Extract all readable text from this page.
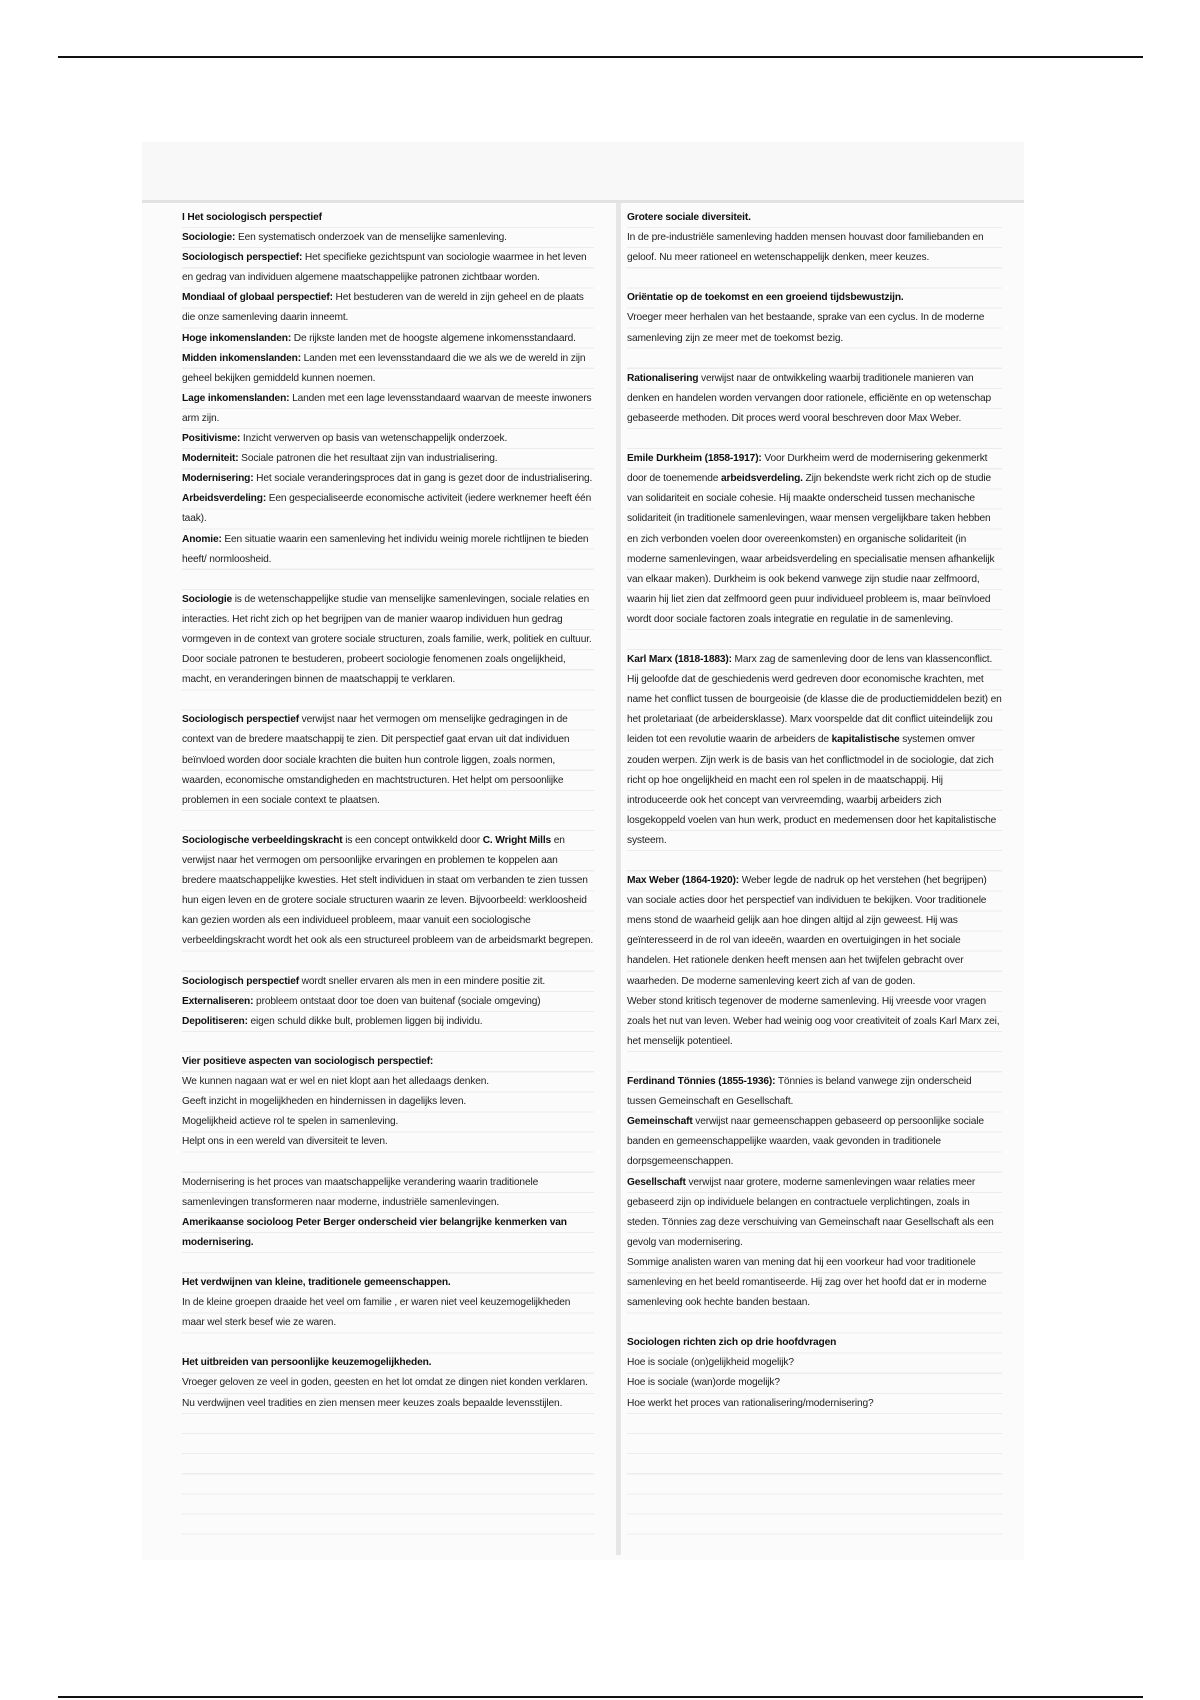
I Het sociologisch perspectief

Sociologie: Een systematisch onderzoek van de menselijke samenleving.

Sociologisch perspectief: Het specifieke gezichtspunt van sociologie waarmee in het leven en gedrag van individuen algemene maatschappelijke patronen zichtbaar worden.

Mondiaal of globaal perspectief: Het bestuderen van de wereld in zijn geheel en de plaats die onze samenleving daarin inneemt.

Hoge inkomenslanden: De rijkste landen met de hoogste algemene inkomensstandaard.

Midden inkomenslanden: Landen met een levensstandaard die we als we de wereld in zijn geheel bekijken gemiddeld kunnen noemen.

Lage inkomenslanden: Landen met een lage levensstandaard waarvan de meeste inwoners arm zijn.

Positivisme: Inzicht verwerven op basis van wetenschappelijk onderzoek.

Moderniteit: Sociale patronen die het resultaat zijn van industrialisering.

Modernisering: Het sociale veranderingsproces dat in gang is gezet door de industrialisering.

Arbeidsverdeling: Een gespecialiseerde economische activiteit (iedere werknemer heeft één taak).

Anomie: Een situatie waarin een samenleving het individu weinig morele richtlijnen te bieden heeft/ normloosheid.

Sociologie is de wetenschappelijke studie van menselijke samenlevingen, sociale relaties en interacties. Het richt zich op het begrijpen van de manier waarop individuen hun gedrag vormgeven in de context van grotere sociale structuren, zoals familie, werk, politiek en cultuur. Door sociale patronen te bestuderen, probeert sociologie fenomenen zoals ongelijkheid, macht, en veranderingen binnen de maatschappij te verklaren.

Sociologisch perspectief verwijst naar het vermogen om menselijke gedragingen in de context van de bredere maatschappij te zien. Dit perspectief gaat ervan uit dat individuen beïnvloed worden door sociale krachten die buiten hun controle liggen, zoals normen, waarden, economische omstandigheden en machtstructuren. Het helpt om persoonlijke problemen in een sociale context te plaatsen.

Sociologische verbeeldingskracht is een concept ontwikkeld door C. Wright Mills en verwijst naar het vermogen om persoonlijke ervaringen en problemen te koppelen aan bredere maatschappelijke kwesties. Het stelt individuen in staat om verbanden te zien tussen hun eigen leven en de grotere sociale structuren waarin ze leven. Bijvoorbeeld: werkloosheid kan gezien worden als een individueel probleem, maar vanuit een sociologische verbeeldingskracht wordt het ook als een structureel probleem van de arbeidsmarkt begrepen.

Sociologisch perspectief wordt sneller ervaren als men in een mindere positie zit.

Externaliseren: probleem ontstaat door toe doen van buitenaf (sociale omgeving)

Depolitiseren: eigen schuld dikke bult, problemen liggen bij individu.

Vier positieve aspecten van sociologisch perspectief:

We kunnen nagaan wat er wel en niet klopt aan het alledaags denken.

Geeft inzicht in mogelijkheden en hindernissen in dagelijks leven.

Mogelijkheid actieve rol te spelen in samenleving.

Helpt ons in een wereld van diversiteit te leven.

Modernisering is het proces van maatschappelijke verandering waarin traditionele samenlevingen transformeren naar moderne, industriële samenlevingen.

Amerikaanse socioloog Peter Berger onderscheid vier belangrijke kenmerken van modernisering.

Het verdwijnen van kleine, traditionele gemeenschappen.

In de kleine groepen draaide het veel om familie , er waren niet veel keuzemogelijkheden maar wel sterk besef wie ze waren.

Het uitbreiden van persoonlijke keuzemogelijkheden.

Vroeger geloven ze veel in goden, geesten en het lot omdat ze dingen niet konden verklaren. Nu verdwijnen veel tradities en zien mensen meer keuzes zoals bepaalde levensstijlen.

Grotere sociale diversiteit.

In de pre-industriële samenleving hadden mensen houvast door familiebanden en geloof. Nu meer rationeel en wetenschappelijk denken, meer keuzes.

Oriëntatie op de toekomst en een groeiend tijdsbewustzijn.

Vroeger meer herhalen van het bestaande, sprake van een cyclus. In de moderne samenleving zijn ze meer met de toekomst bezig.

Rationalisering verwijst naar de ontwikkeling waarbij traditionele manieren van denken en handelen worden vervangen door rationele, efficiënte en op wetenschap gebaseerde methoden. Dit proces werd vooral beschreven door Max Weber.

Emile Durkheim (1858-1917): Voor Durkheim werd de modernisering gekenmerkt door de toenemende arbeidsverdeling. Zijn bekendste werk richt zich op de studie van solidariteit en sociale cohesie. Hij maakte onderscheid tussen mechanische solidariteit (in traditionele samenlevingen, waar mensen vergelijkbare taken hebben en zich verbonden voelen door overeenkomsten) en organische solidariteit (in moderne samenlevingen, waar arbeidsverdeling en specialisatie mensen afhankelijk van elkaar maken). Durkheim is ook bekend vanwege zijn studie naar zelfmoord, waarin hij liet zien dat zelfmoord geen puur individueel probleem is, maar beïnvloed wordt door sociale factoren zoals integratie en regulatie in de samenleving.

Karl Marx (1818-1883): Marx zag de samenleving door de lens van klassenconflict. Hij geloofde dat de geschiedenis werd gedreven door economische krachten, met name het conflict tussen de bourgeoisie (de klasse die de productiemiddelen bezit) en het proletariaat (de arbeidersklasse). Marx voorspelde dat dit conflict uiteindelijk zou leiden tot een revolutie waarin de arbeiders de kapitalistische systemen omver zouden werpen. Zijn werk is de basis van het conflictmodel in de sociologie, dat zich richt op hoe ongelijkheid en macht een rol spelen in de maatschappij. Hij introduceerde ook het concept van vervreemding, waarbij arbeiders zich losgekoppeld voelen van hun werk, product en medemensen door het kapitalistische systeem.

Max Weber (1864-1920): Weber legde de nadruk op het verstehen (het begrijpen) van sociale acties door het perspectief van individuen te bekijken. Voor traditionele mens stond de waarheid gelijk aan hoe dingen altijd al zijn geweest. Hij was geïnteresseerd in de rol van ideeën, waarden en overtuigingen in het sociale handelen. Het rationele denken heeft mensen aan het twijfelen gebracht over waarheden. De moderne samenleving keert zich af van de goden.

Weber stond kritisch tegenover de moderne samenleving. Hij vreesde voor vragen zoals het nut van leven. Weber had weinig oog voor creativiteit of zoals Karl Marx zei, het menselijk potentieel.

Ferdinand Tönnies (1855-1936): Tönnies is beland vanwege zijn onderscheid tussen Gemeinschaft en Gesellschaft.

Gemeinschaft verwijst naar gemeenschappen gebaseerd op persoonlijke sociale banden en gemeenschappelijke waarden, vaak gevonden in traditionele dorpsgemeenschappen.

Gesellschaft verwijst naar grotere, moderne samenlevingen waar relaties meer gebaseerd zijn op individuele belangen en contractuele verplichtingen, zoals in steden. Tönnies zag deze verschuiving van Gemeinschaft naar Gesellschaft als een gevolg van modernisering.

Sommige analisten waren van mening dat hij een voorkeur had voor traditionele samenleving en het beeld romantiseerde. Hij zag over het hoofd dat er in moderne samenleving ook hechte banden bestaan.

Sociologen richten zich op drie hoofdvragen

Hoe is sociale (on)gelijkheid mogelijk?

Hoe is sociale (wan)orde mogelijk?

Hoe werkt het proces van rationalisering/modernisering?
